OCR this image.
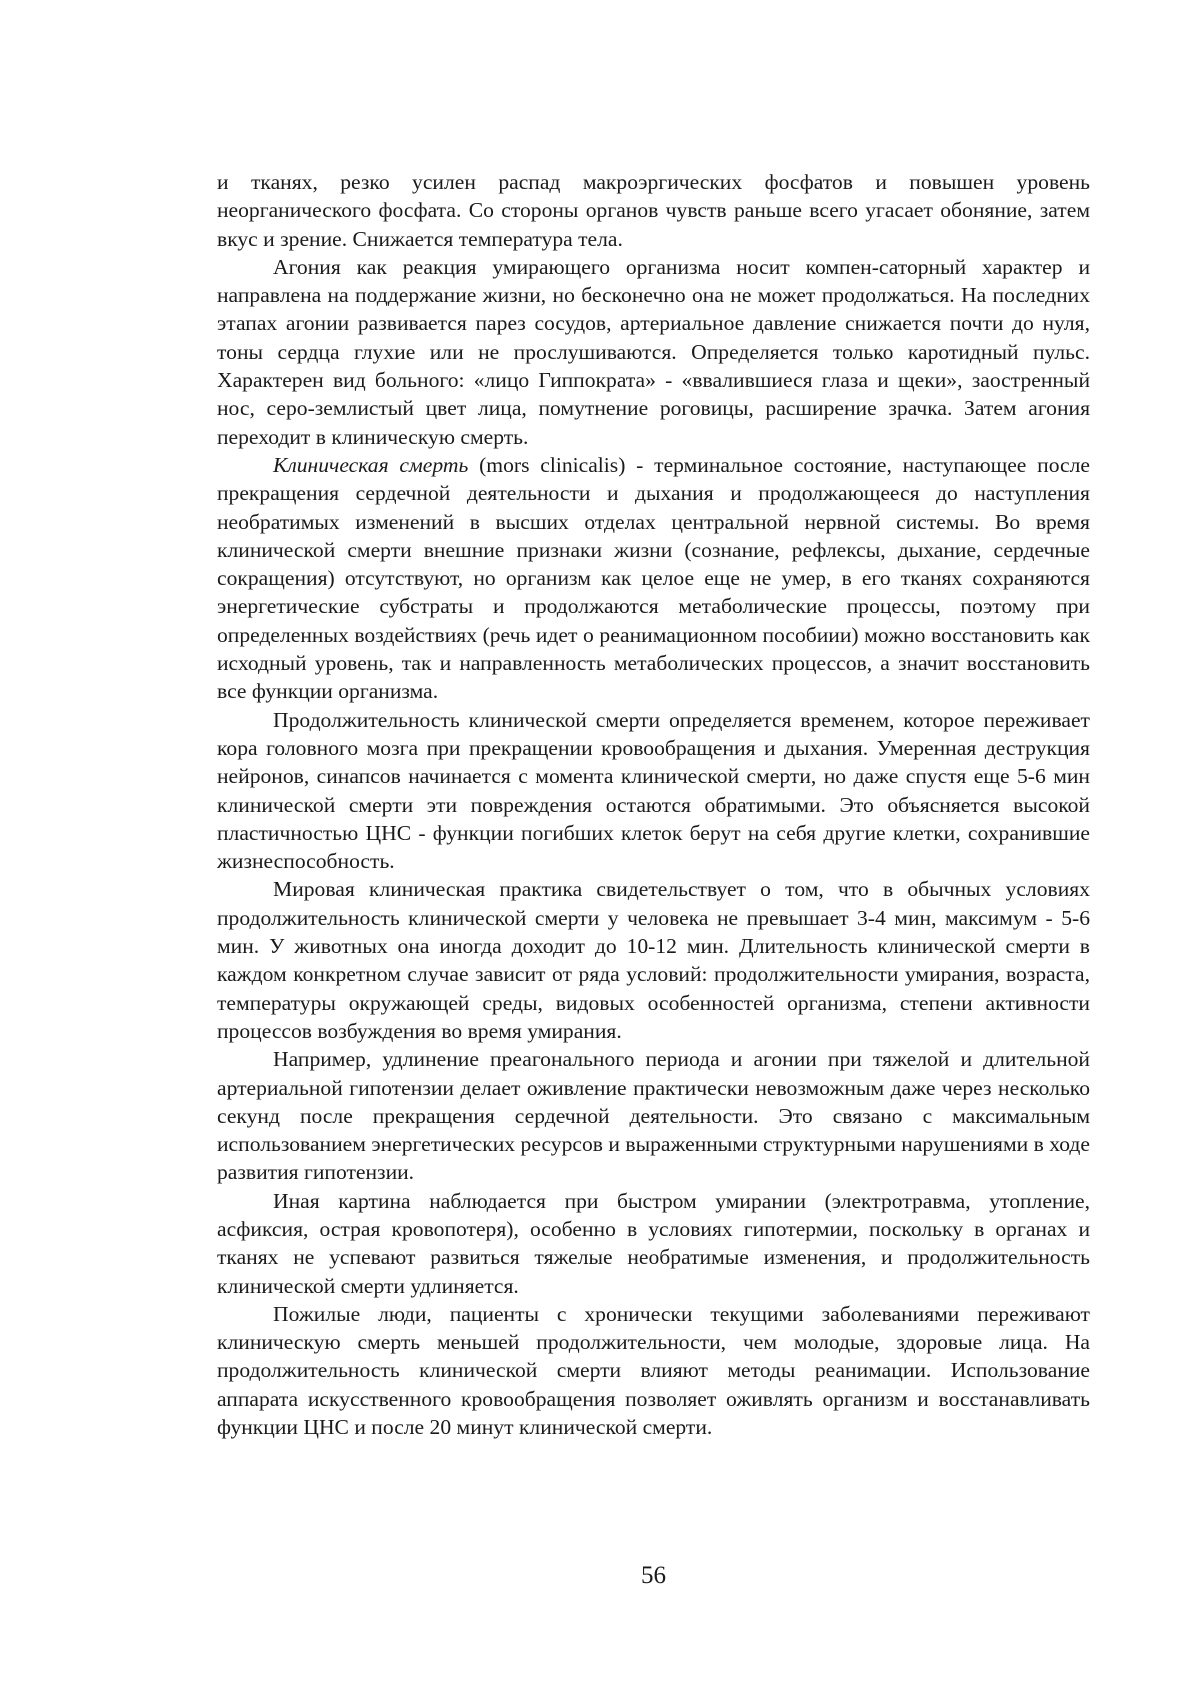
и тканях, резко усилен распад макроэргических фосфатов и повышен уровень неорганического фосфата. Со стороны органов чувств раньше всего угасает обоняние, затем вкус и зрение. Снижается температура тела.

Агония как реакция умирающего организма носит компен-саторный характер и направлена на поддержание жизни, но бесконечно она не может продолжаться. На последних этапах агонии развивается парез сосудов, артериальное давление снижается почти до нуля, тоны сердца глухие или не прослушиваются. Определяется только каротидный пульс. Характерен вид больного: «лицо Гиппократа» - «ввалившиеся глаза и щеки», заостренный нос, серо-землистый цвет лица, помутнение роговицы, расширение зрачка. Затем агония переходит в клиническую смерть.

Клиническая смерть (mors clinicalis) - терминальное состояние, наступающее после прекращения сердечной деятельности и дыхания и продолжающееся до наступления необратимых изменений в высших отделах центральной нервной системы. Во время клинической смерти внешние признаки жизни (сознание, рефлексы, дыхание, сердечные сокращения) отсутствуют, но организм как целое еще не умер, в его тканях сохраняются энергетические субстраты и продолжаются метаболические процессы, поэтому при определенных воздействиях (речь идет о реанимационном пособиии) можно восстановить как исходный уровень, так и направленность метаболических процессов, а значит восстановить все функции организма.

Продолжительность клинической смерти определяется временем, которое переживает кора головного мозга при прекращении кровообращения и дыхания. Умеренная деструкция нейронов, синапсов начинается с момента клинической смерти, но даже спустя еще 5-6 мин клинической смерти эти повреждения остаются обратимыми. Это объясняется высокой пластичностью ЦНС - функции погибших клеток берут на себя другие клетки, сохранившие жизнеспособность.

Мировая клиническая практика свидетельствует о том, что в обычных условиях продолжительность клинической смерти у человека не превышает 3-4 мин, максимум - 5-6 мин. У животных она иногда доходит до 10-12 мин. Длительность клинической смерти в каждом конкретном случае зависит от ряда условий: продолжительности умирания, возраста, температуры окружающей среды, видовых особенностей организма, степени активности процессов возбуждения во время умирания.

Например, удлинение преагонального периода и агонии при тяжелой и длительной артериальной гипотензии делает оживление практически невозможным даже через несколько секунд после прекращения сердечной деятельности. Это связано с максимальным использованием энергетических ресурсов и выраженными структурными нарушениями в ходе развития гипотензии.

Иная картина наблюдается при быстром умирании (электротравма, утопление, асфиксия, острая кровопотеря), особенно в условиях гипотермии, поскольку в органах и тканях не успевают развиться тяжелые необратимые изменения, и продолжительность клинической смерти удлиняется.

Пожилые люди, пациенты с хронически текущими заболеваниями переживают клиническую смерть меньшей продолжительности, чем молодые, здоровые лица. На продолжительность клинической смерти влияют методы реанимации. Использование аппарата искусственного кровообращения позволяет оживлять организм и восстанавливать функции ЦНС и после 20 минут клинической смерти.

56
